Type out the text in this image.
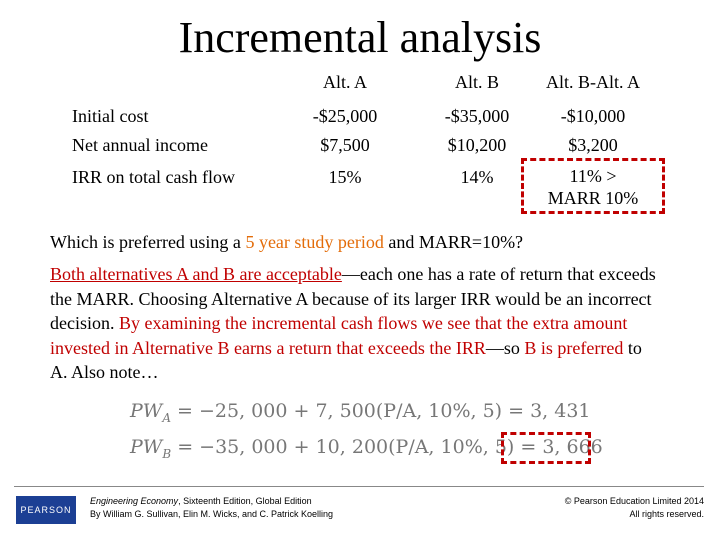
Incremental analysis
Alt. A	Alt. B	Alt. B-Alt. A
Initial cost	-$25,000	-$35,000	-$10,000
Net annual income	$7,500	$10,200	$3,200
IRR on total cash flow	15%	14%	11% >
MARR 10%
Which is preferred using a 5 year study period and MARR=10%?
Both alternatives A and B are acceptable—each one has a rate of return that exceeds the MARR. Choosing Alternative A because of its larger IRR would be an incorrect decision. By examining the incremental cash flows we see that the extra amount invested in Alternative B earns a return that exceeds the IRR—so B is preferred to A. Also note…
$PW_A = -25$, 000 + 7, 500(P/A, 10%, 5) = 3, 431
$PW_B = -35$, 000 + 10, 200(P/A, 10%, 5) = 3, 666
PEARSON
Engineering Economy, Sixteenth Edition, Global Edition
By William G. Sullivan, Elin M. Wicks, and C. Patrick Koelling
© Pearson Education Limited 2014
All rights reserved.
